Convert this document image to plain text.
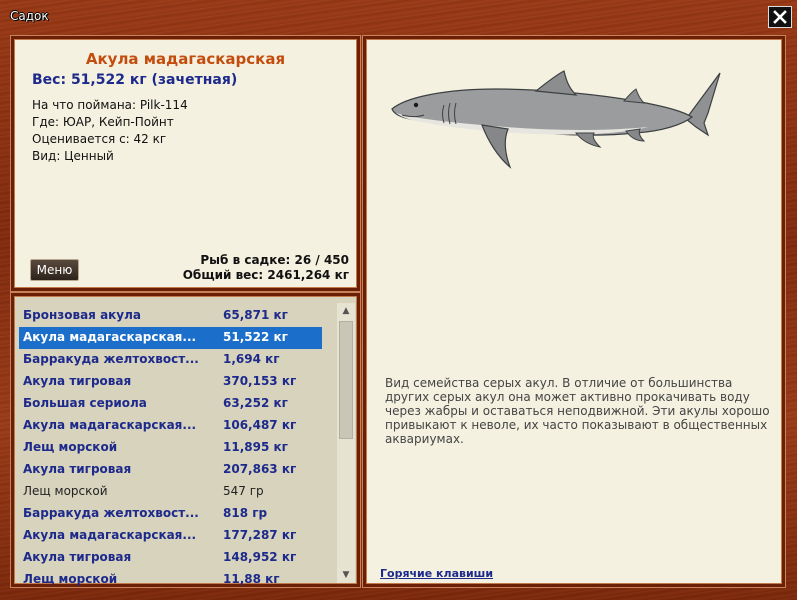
Садок
Акула мадагаскарская
Вес: 51,522 кг (зачетная)
На что поймана: Pilk-114
Где: ЮАР, Кейп-Пойнт
Оценивается с: 42 кг
Вид: Ценный
Меню
Рыб в садке: 26 / 450
Общий вес: 2461,264 кг
Бронзовая акула	65,871 кг
Акула мадагаскарская... 51,522 кг
Барракуда желтохвост... 1,694 кг
Акула тигровая	370,153 кг
Большая сериола	63,252 кг
Акула мадагаскарская... 106,487 кг
Лещ морской	11,895 кг
Акула тигровая	207,863 кг
Лещ морской	547 гр
Барракуда желтохвост... 818 гр
Акула мадагаскарская... 177,287 кг
Акула тигровая	148,952 кг
Лещ морской	11,88 кг
▲
▼
Вид семейства серых акул. В отличие от большинства других серых акул она может активно прокачивать воду через жабры и оставаться неподвижной. Эти акулы хорошо привыкают к неволе, их часто показывают в общественных аквариумах.
Горячие клавиши
